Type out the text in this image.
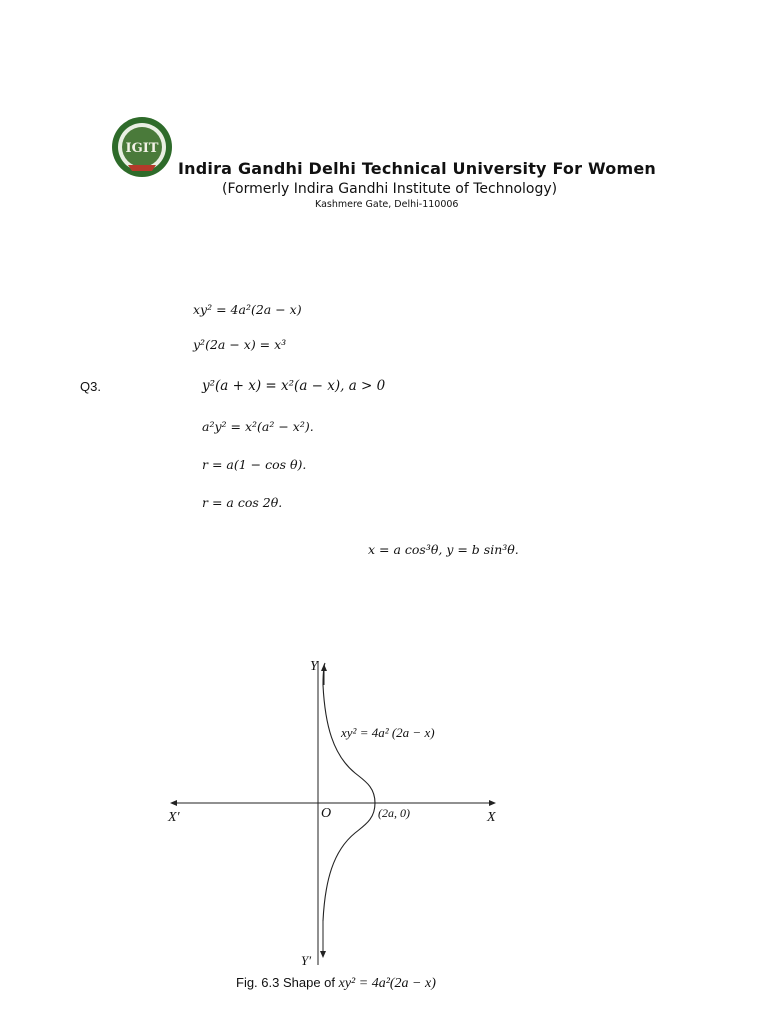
IGIT
Indira Gandhi Delhi Technical University For Women
(Formerly Indira Gandhi Institute of Technology)
Kashmere Gate, Delhi-110006
xy² = 4a²(2a − x)
y²(2a − x) = x³
Q3.	y²(a + x) = x²(a − x), a > 0
a²y² = x²(a² − x²).
r = a(1 − cos θ).
r = a cos 2θ.
x = a cos³θ, y = b sin³θ.
Y
Y′
X
X′	O	(2a, 0)
xy² = 4a² (2a − x)
Fig. 6.3 Shape of xy² = 4a²(2a − x)
